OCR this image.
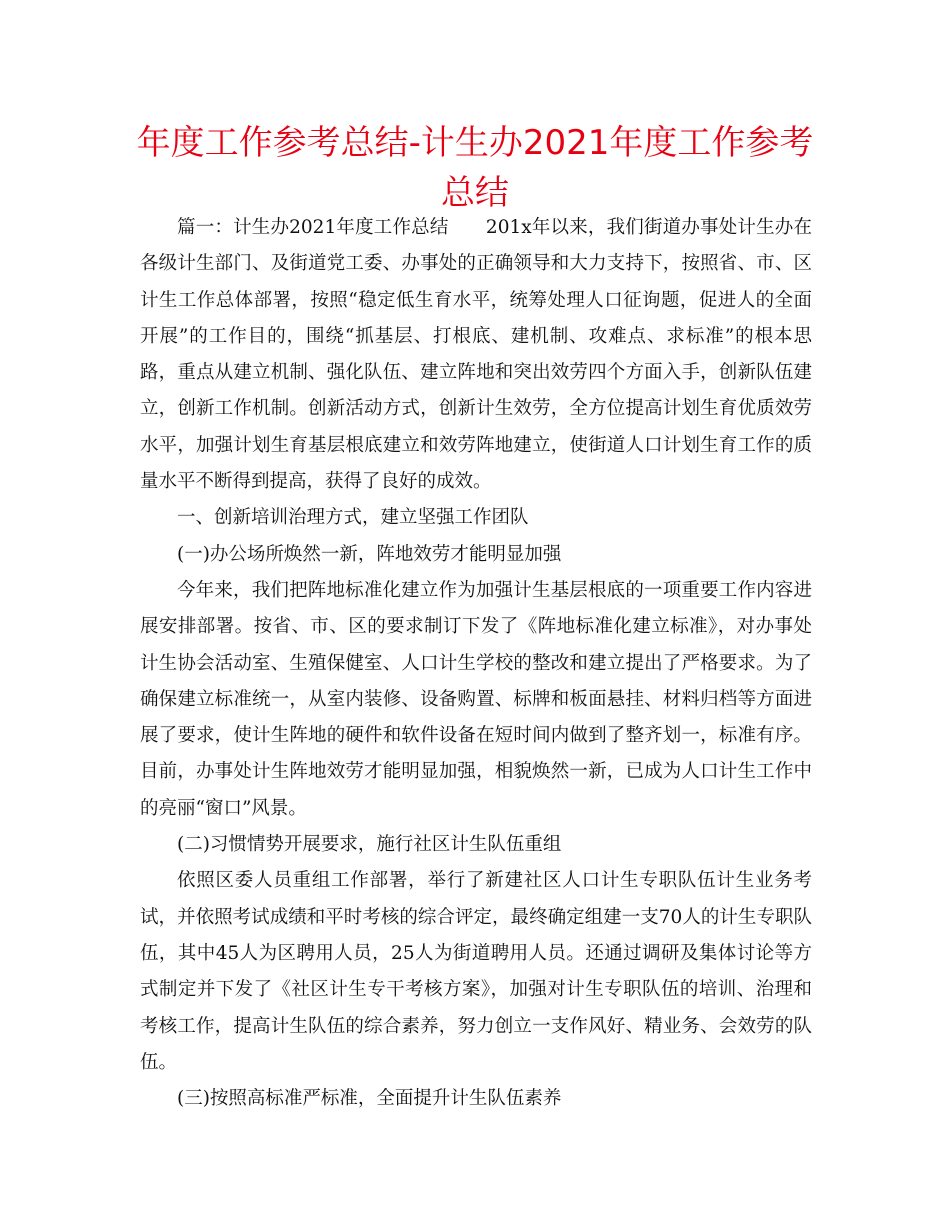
年度工作参考总结-计生办2021年度工作参考总结

篇一：计生办2021年度工作总结　　201x年以来，我们街道办事处计生办在各级计生部门、及街道党工委、办事处的正确领导和大力支持下，按照省、市、区计生工作总体部署，按照“稳定低生育水平，统筹处理人口征询题，促进人的全面开展”的工作目的，围绕“抓基层、打根底、建机制、攻难点、求标准”的根本思路，重点从建立机制、强化队伍、建立阵地和突出效劳四个方面入手，创新队伍建立，创新工作机制。创新活动方式，创新计生效劳，全方位提高计划生育优质效劳水平，加强计划生育基层根底建立和效劳阵地建立，使街道人口计划生育工作的质量水平不断得到提高，获得了良好的成效。

一、创新培训治理方式，建立坚强工作团队

(一)办公场所焕然一新，阵地效劳才能明显加强

今年来，我们把阵地标准化建立作为加强计生基层根底的一项重要工作内容进展安排部署。按省、市、区的要求制订下发了《阵地标准化建立标准》，对办事处计生协会活动室、生殖保健室、人口计生学校的整改和建立提出了严格要求。为了确保建立标准统一，从室内装修、设备购置、标牌和板面悬挂、材料归档等方面进展了要求，使计生阵地的硬件和软件设备在短时间内做到了整齐划一，标准有序。目前，办事处计生阵地效劳才能明显加强，相貌焕然一新，已成为人口计生工作中的亮丽“窗口”风景。

(二)习惯情势开展要求，施行社区计生队伍重组

依照区委人员重组工作部署，举行了新建社区人口计生专职队伍计生业务考试，并依照考试成绩和平时考核的综合评定，最终确定组建一支70人的计生专职队伍，其中45人为区聘用人员，25人为街道聘用人员。还通过调研及集体讨论等方式制定并下发了《社区计生专干考核方案》，加强对计生专职队伍的培训、治理和考核工作，提高计生队伍的综合素养，努力创立一支作风好、精业务、会效劳的队伍。

(三)按照高标准严标准，全面提升计生队伍素养
